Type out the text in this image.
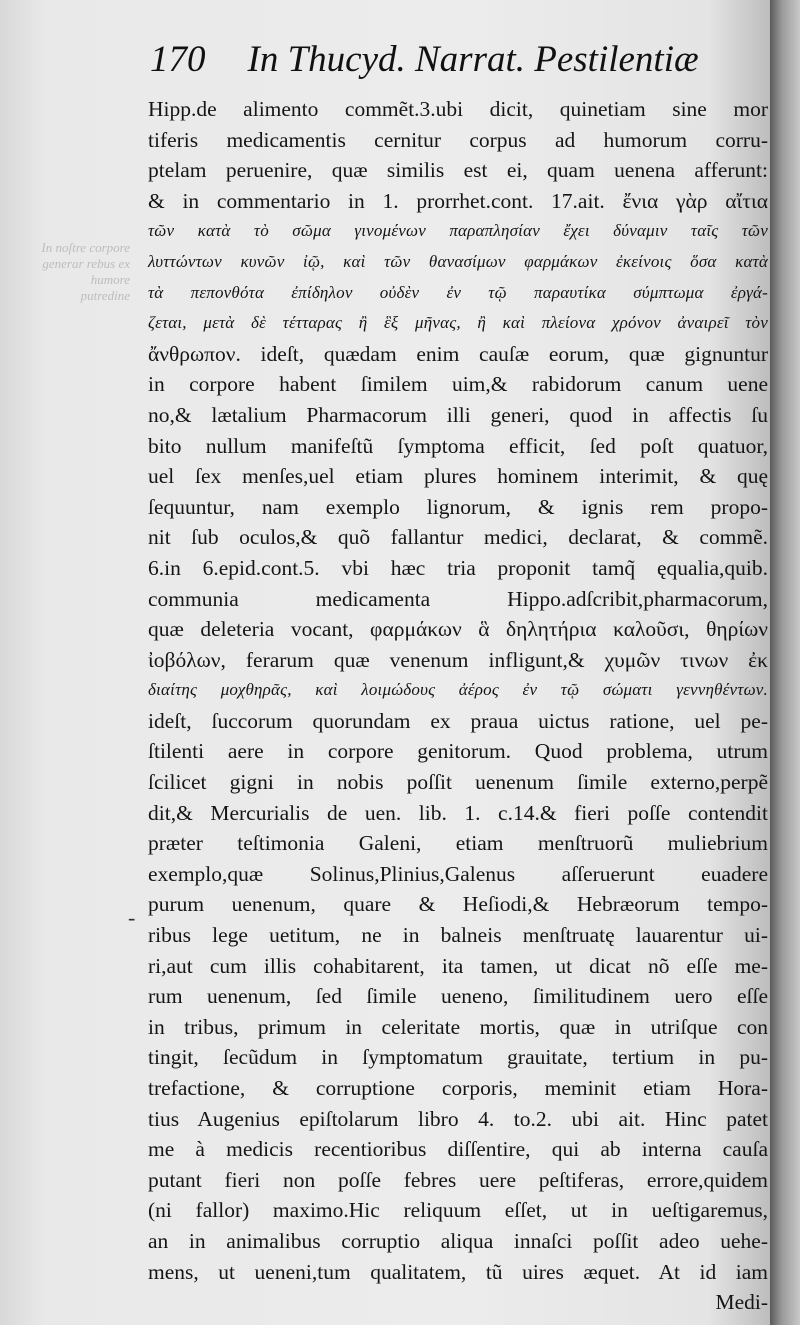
170 In Thucyd. Narrat. Pestilentiæ
In noſtre corpore generar rebus ex humore putredine
-
Hipp.de alimento commẽt.3.ubi dicit, quinetiam sine mor
tiferis medicamentis cernitur corpus ad humorum corru-
ptelam peruenire, quæ similis est ei, quam uenena afferunt:
& in commentario in 1. prorrhet.cont. 17.ait. ἔνια γὰρ αἴτια
τῶν κατὰ τὸ σῶμα γινομένων παραπλησίαν ἔχει δύναμιν ταῖς τῶν
λυττώντων κυνῶν ἰῷ, καὶ τῶν θανασίμων φαρμάκων ἐκείνοις ὅσα κατὰ
τὰ πεπονθότα ἐπίδηλον οὐδὲν ἐν τῷ παραυτίκα σύμπτωμα ἐργά-
ζεται, μετὰ δὲ τέτταρας ἢ ἓξ μῆνας, ἢ καὶ πλείονα χρόνον ἀναιρεῖ τὸν
ἄνθρωπον. ideſt, quædam enim cauſæ eorum, quæ gignuntur
in corpore habent ſimilem uim,& rabidorum canum uene
no,& lætalium Pharmacorum illi generi, quod in affectis ſu
bito nullum manifeſtũ ſymptoma efficit, ſed poſt quatuor,
uel ſex menſes,uel etiam plures hominem interimit, & quę
ſequuntur, nam exemplo lignorum, & ignis rem propo-
nit ſub oculos,& quõ fallantur medici, declarat, & commẽ.
6.in 6.epid.cont.5. vbi hæc tria proponit tamq̃ ęqualia,quib.
communia medicamenta Hippo.adſcribit,pharmacorum,
quæ deleteria vocant, φαρμάκων ἃ δηλητήρια καλοῦσι, θηρίων
ἰοβόλων, ferarum quæ venenum infligunt,& χυμῶν τινων ἐκ
διαίτης μοχθηρᾶς, καὶ λοιμώδους ἀέρος ἐν τῷ σώματι γεννηθέντων.
ideſt, ſuccorum quorundam ex praua uictus ratione, uel pe-
ſtilenti aere in corpore genitorum. Quod problema, utrum
ſcilicet gigni in nobis poſſit uenenum ſimile externo,perpẽ
dit,& Mercurialis de uen. lib. 1. c.14.& fieri poſſe contendit
præter teſtimonia Galeni, etiam menſtruorũ muliebrium
exemplo,quæ Solinus,Plinius,Galenus aſſeruerunt euadere
purum uenenum, quare & Heſiodi,& Hebræorum tempo-
ribus lege uetitum, ne in balneis menſtruatę lauarentur ui-
ri,aut cum illis cohabitarent, ita tamen, ut dicat nõ eſſe me-
rum uenenum, ſed ſimile ueneno, ſimilitudinem uero eſſe
in tribus, primum in celeritate mortis, quæ in utriſque con
tingit, ſecũdum in ſymptomatum grauitate, tertium in pu-
trefactione, & corruptione corporis, meminit etiam Hora-
tius Augenius epiſtolarum libro 4. to.2. ubi ait. Hinc patet
me à medicis recentioribus diſſentire, qui ab interna cauſa
putant fieri non poſſe febres uere peſtiferas, errore,quidem
(ni fallor) maximo.Hic reliquum eſſet, ut in ueſtigaremus,
an in animalibus corruptio aliqua innaſci poſſit adeo uehe-
mens, ut ueneni,tum qualitatem, tũ uires æquet. At id iam
Medi-
